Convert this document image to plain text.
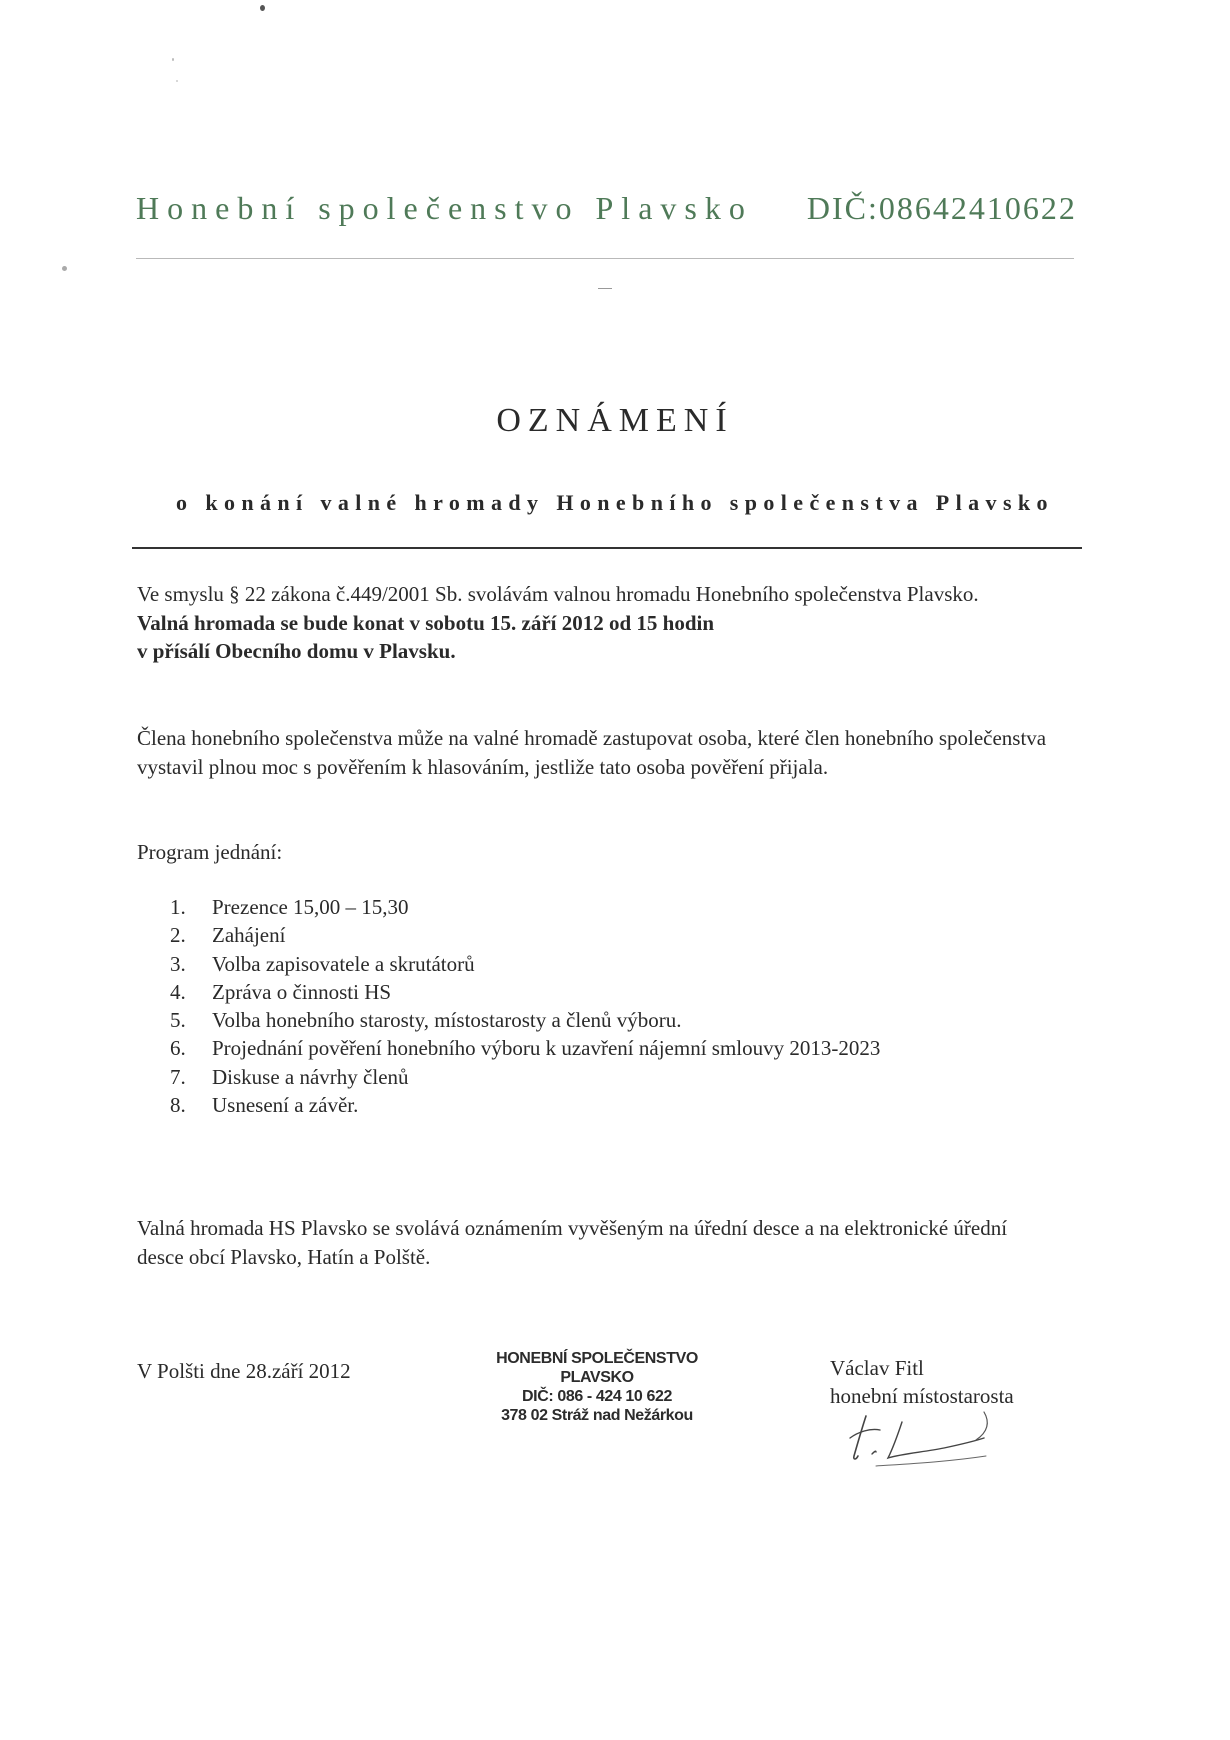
Honební společenstvo Plavsko DIČ:08642410622
OZNÁMENÍ
o konání valné hromady Honebního společenstva Plavsko
Ve smyslu § 22 zákona č.449/2001 Sb. svolávám valnou hromadu Honebního společenstva Plavsko.
Valná hromada se bude konat v sobotu 15. září 2012 od 15 hodin
v přísálí Obecního domu v Plavsku.
Člena honebního společenstva může na valné hromadě zastupovat osoba, které člen honebního společenstva vystavil plnou moc s pověřením k hlasováním, jestliže tato osoba pověření přijala.
Program jednání:
1.	Prezence 15,00 – 15,30
2.	Zahájení
3.	Volba zapisovatele a skrutátorů
4.	Zpráva o činnosti HS
5.	Volba honebního starosty, místostarosty a členů výboru.
6.	Projednání pověření honebního výboru k uzavření nájemní smlouvy 2013-2023
7.	Diskuse a návrhy členů
8.	Usnesení a závěr.
Valná hromada HS Plavsko se svolává oznámením vyvěšeným na úřední desce a na elektronické úřední desce obcí Plavsko, Hatín a Polště.
V Polšti dne 28.září 2012
HONEBNÍ SPOLEČENSTVO
PLAVSKO
DIČ: 086 - 424 10 622
378 02 Stráž nad Nežárkou
Václav Fitl
honební místostarosta
